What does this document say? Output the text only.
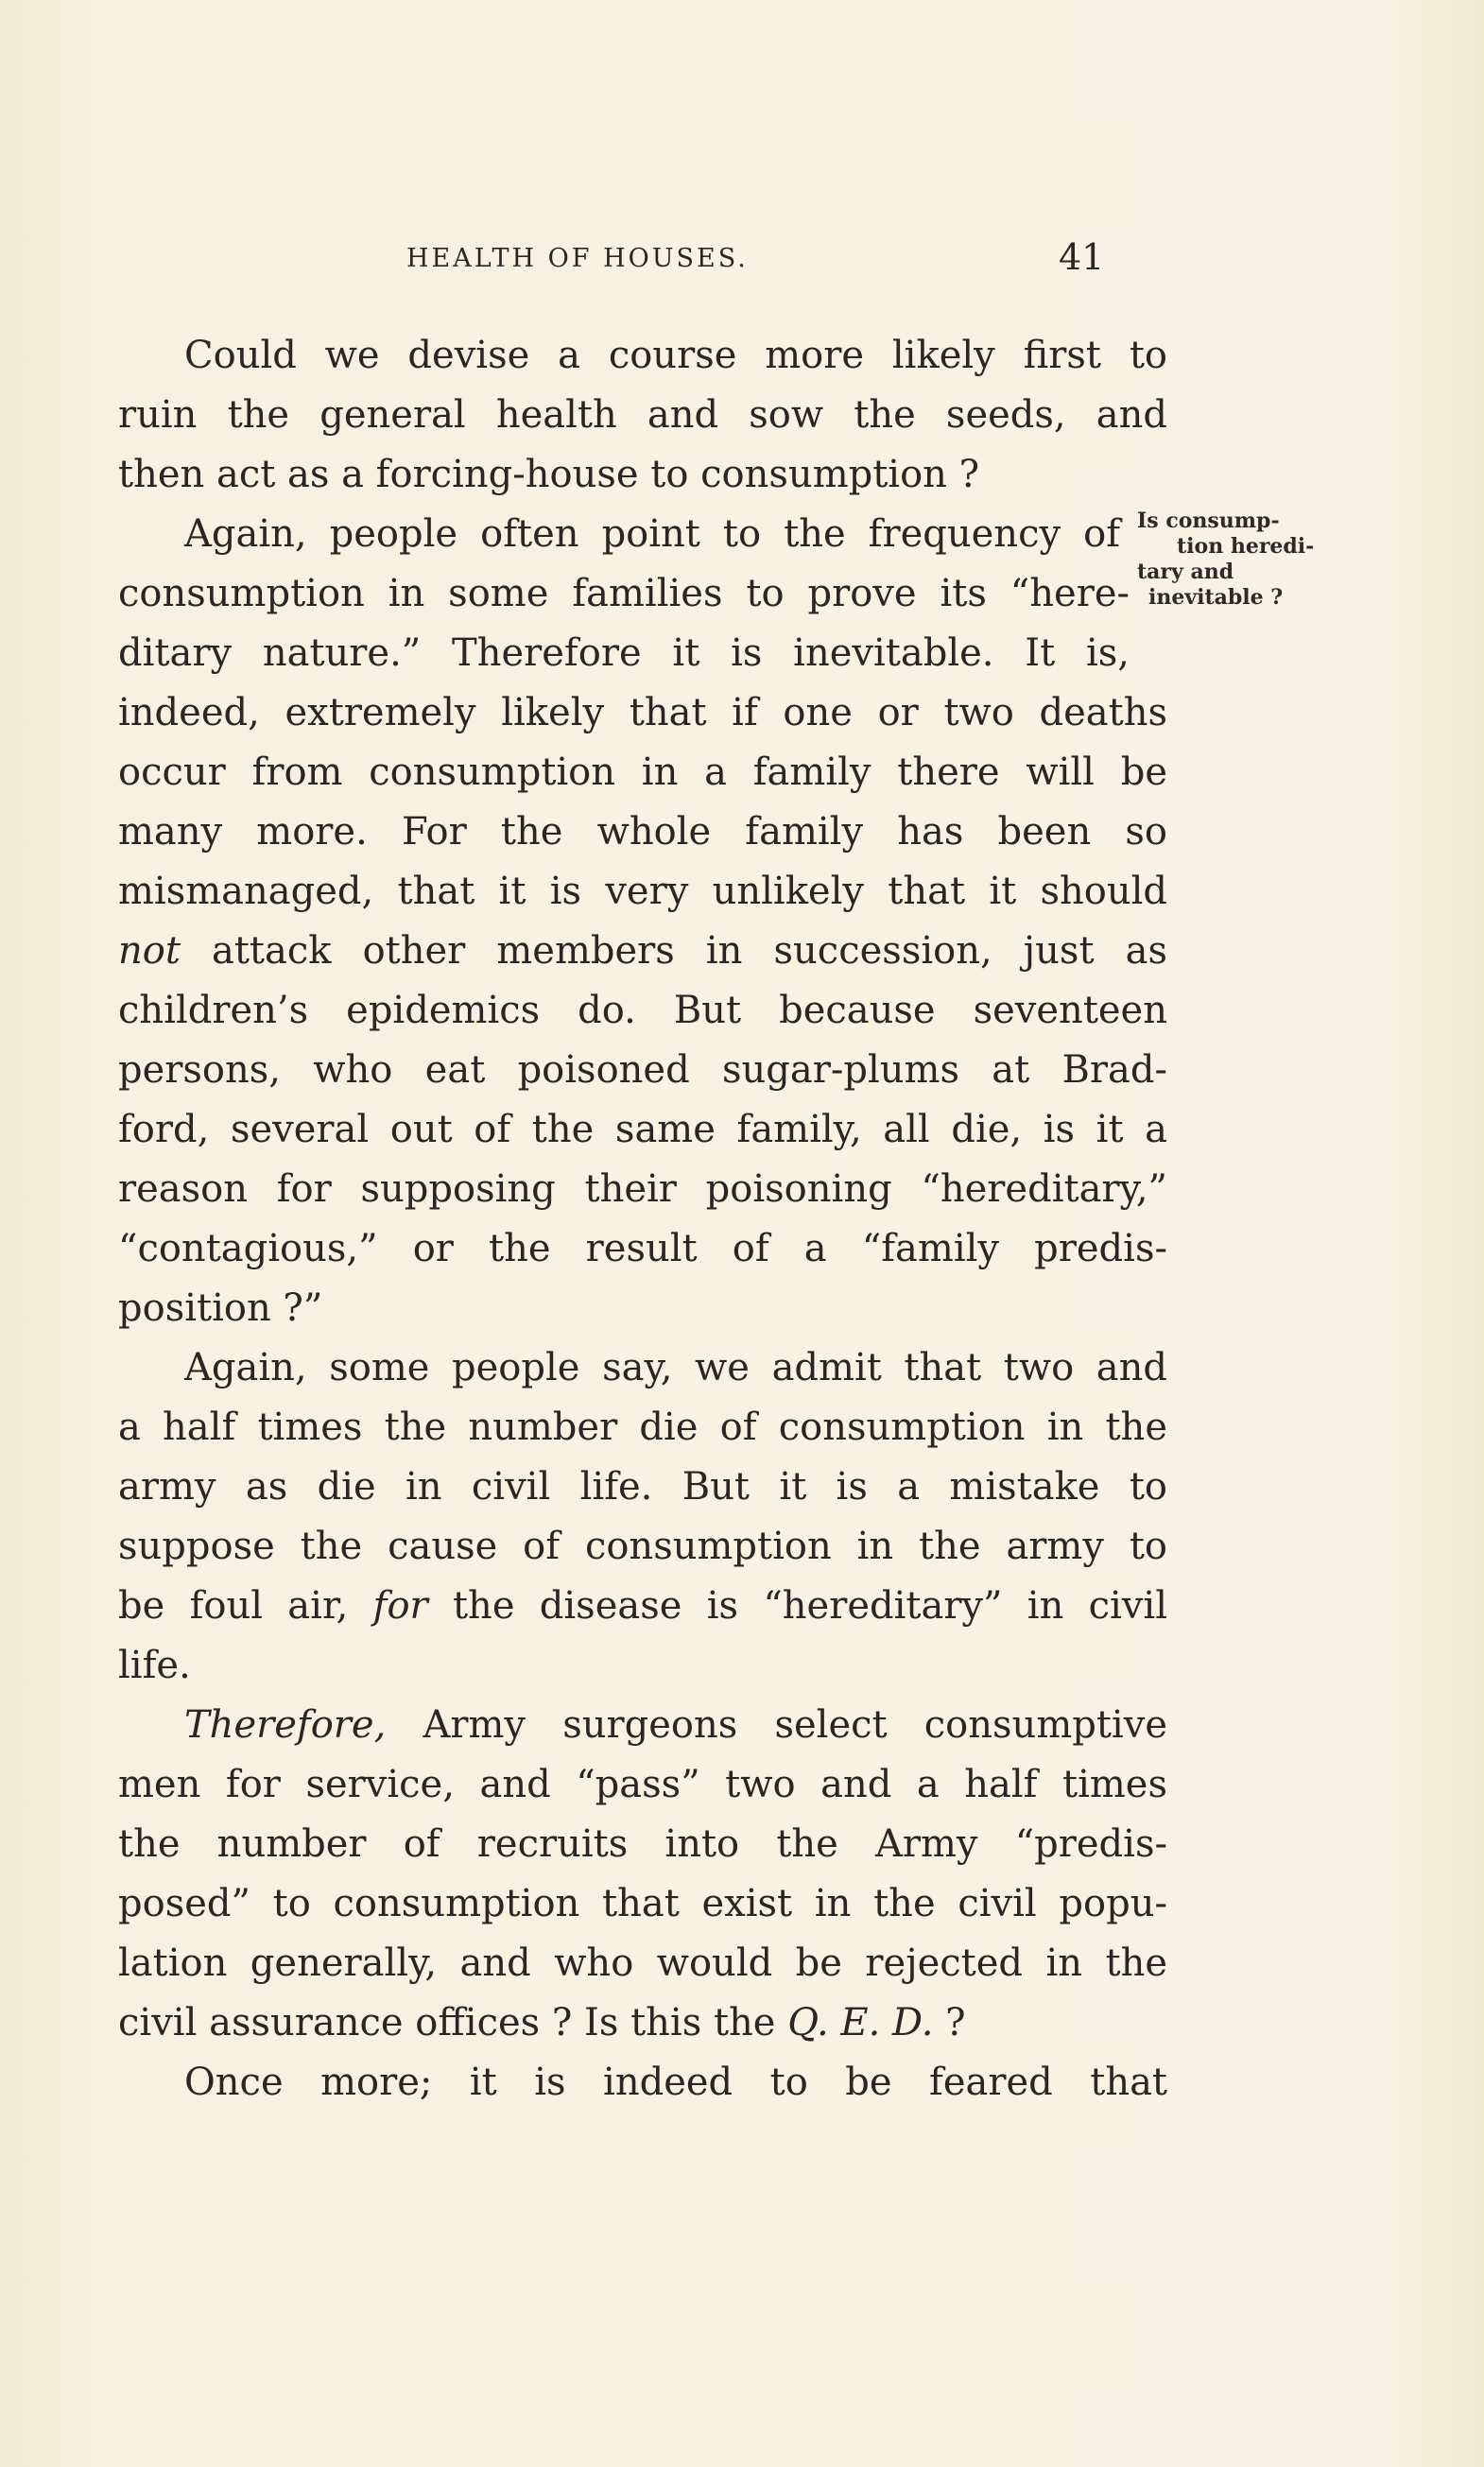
HEALTH OF HOUSES.	41
Is consump-
tion heredi-
tary and
inevitable ?
Could we devise a course more likely first to
ruin the general health and sow the seeds, and
then act as a forcing-house to consumption ?
Again, people often point to the frequency of
consumption in some families to prove its “here-
ditary nature.” Therefore it is inevitable. It is,
indeed, extremely likely that if one or two deaths
occur from consumption in a family there will be
many more. For the whole family has been so
mismanaged, that it is very unlikely that it should
not attack other members in succession, just as
children’s epidemics do. But because seventeen
persons, who eat poisoned sugar-plums at Brad-
ford, several out of the same family, all die, is it a
reason for supposing their poisoning “hereditary,”
“contagious,” or the result of a “family predis-
position ?”
Again, some people say, we admit that two and
a half times the number die of consumption in the
army as die in civil life. But it is a mistake to
suppose the cause of consumption in the army to
be foul air, for the disease is “hereditary” in civil
life.
Therefore, Army surgeons select consumptive
men for service, and “pass” two and a half times
the number of recruits into the Army “predis-
posed” to consumption that exist in the civil popu-
lation generally, and who would be rejected in the
civil assurance offices ? Is this the Q. E. D. ?
Once more; it is indeed to be feared that
